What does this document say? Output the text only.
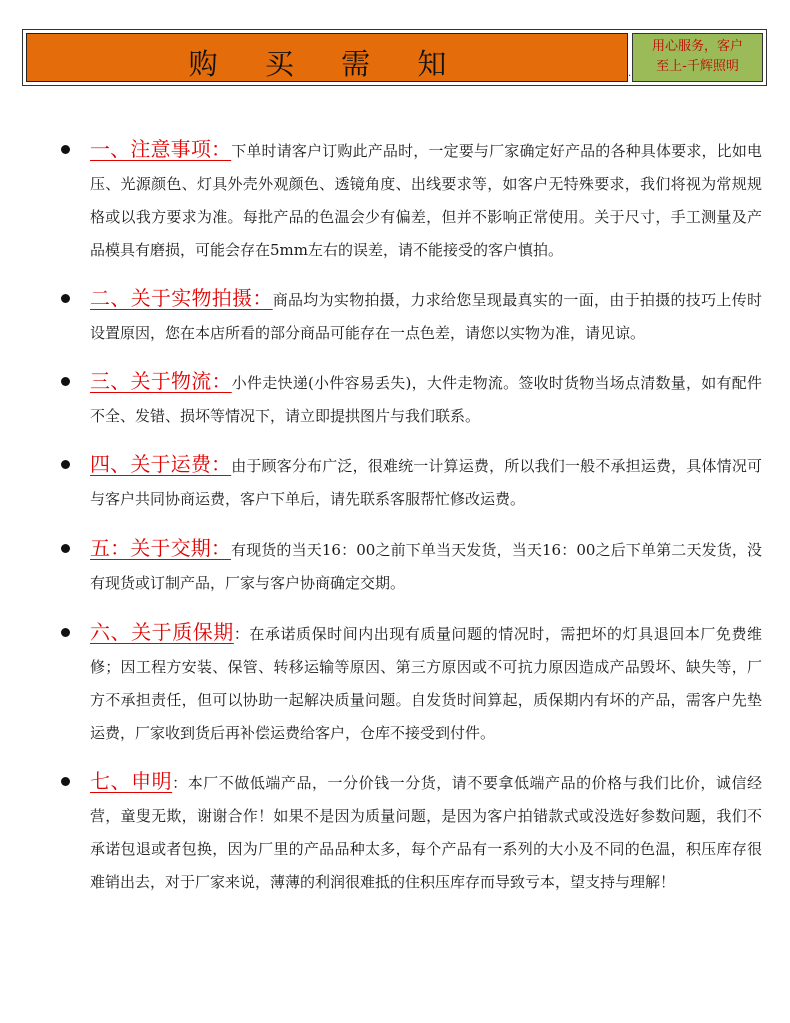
购 买 需 知	.
用心服务，客户
至上-千辉照明
一、注意事项：下单时请客户订购此产品时，一定要与厂家确定好产品的各种具体要求，比如电压、光源颜色、灯具外壳外观颜色、透镜角度、出线要求等，如客户无特殊要求，我们将视为常规规格或以我方要求为准。每批产品的色温会少有偏差，但并不影响正常使用。关于尺寸，手工测量及产品模具有磨损，可能会存在5mm左右的误差，请不能接受的客户慎拍。
二、关于实物拍摄：商品均为实物拍摄，力求给您呈现最真实的一面，由于拍摄的技巧上传时设置原因，您在本店所看的部分商品可能存在一点色差，请您以实物为准，请见谅。
三、关于物流：小件走快递(小件容易丢失)，大件走物流。签收时货物当场点清数量，如有配件不全、发错、损坏等情况下，请立即提拱图片与我们联系。
四、关于运费：由于顾客分布广泛，很难统一计算运费，所以我们一般不承担运费，具体情况可与客户共同协商运费，客户下单后，请先联系客服帮忙修改运费。
五：关于交期：有现货的当天16：00之前下单当天发货，当天16：00之后下单第二天发货，没有现货或订制产品，厂家与客户协商确定交期。
六、关于质保期：在承诺质保时间内出现有质量问题的情况时，需把坏的灯具退回本厂免费维修；因工程方安装、保管、转移运输等原因、第三方原因或不可抗力原因造成产品毁坏、缺失等，厂方不承担责任，但可以协助一起解决质量问题。自发货时间算起，质保期内有坏的产品，需客户先垫运费，厂家收到货后再补偿运费给客户，仓库不接受到付件。
七、申明：本厂不做低端产品，一分价钱一分货，请不要拿低端产品的价格与我们比价，诚信经营，童叟无欺，谢谢合作！如果不是因为质量问题，是因为客户拍错款式或没选好参数问题，我们不承诺包退或者包换，因为厂里的产品品种太多，每个产品有一系列的大小及不同的色温，积压库存很难销出去，对于厂家来说，薄薄的利润很难抵的住积压库存而导致亏本，望支持与理解！
